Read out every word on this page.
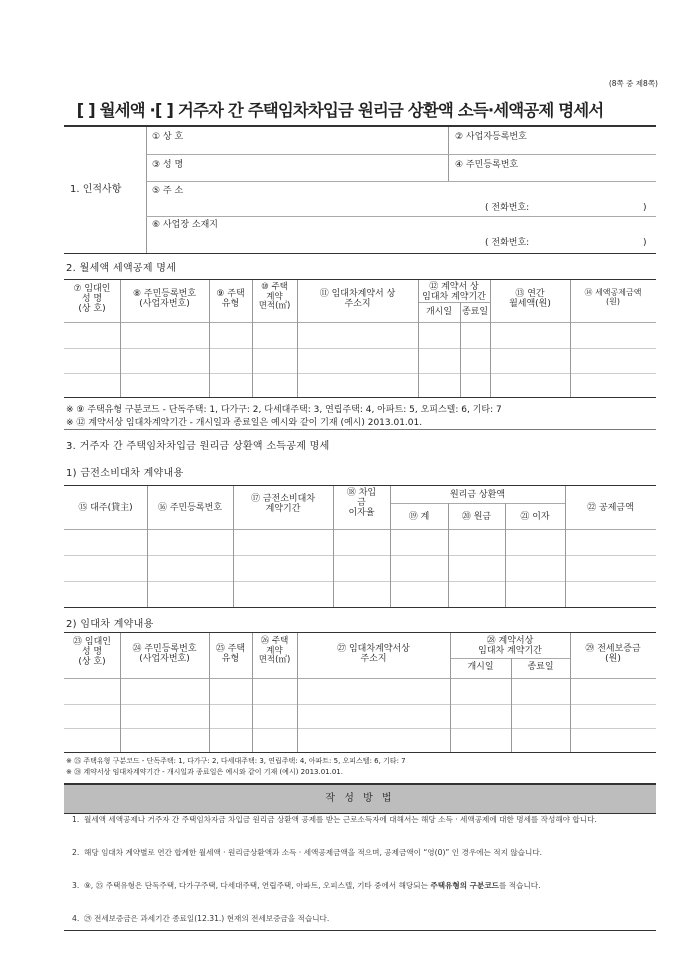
(8쪽 중 제8쪽)
[ ] 월세액 ·[ ] 거주자 간 주택임차차입금 원리금 상환액 소득·세액공제 명세서
1. 인적사항
① 상 호	② 사업자등록번호
③ 성 명	④ 주민등록번호
⑤ 주 소
( 전화번호:	)
⑥ 사업장 소재지
( 전화번호:	)
2. 월세액 세액공제 명세
⑦ 임대인
성 명
(상 호)
⑧ 주민등록번호
(사업자번호)
⑨ 주택
유형
⑩ 주택
계약
면적(㎡)
⑪ 임대차계약서 상
주소지
⑫ 계약서 상
임대차 계약기간
개시일	종료일
⑬ 연간
월세액(원)
⑭ 세액공제금액
(원)
※ ⑨ 주택유형 구분코드 - 단독주택: 1, 다가구: 2, 다세대주택: 3, 연립주택: 4, 아파트: 5, 오피스텔: 6, 기타: 7
※ ⑫ 계약서상 임대차계약기간 - 개시일과 종료일은 예시와 같이 기재 (예시) 2013.01.01.
3. 거주자 간 주택임차차입금 원리금 상환액 소득공제 명세
1) 금전소비대차 계약내용
⑮ 대주(貸主)	⑯ 주민등록번호
⑰ 금전소비대차
계약기간
⑱ 차입
금
이자율
원리금 상환액
⑲ 계	⑳ 원금	㉑ 이자
㉒ 공제금액
2) 임대차 계약내용
㉓ 임대인
성 명
(상 호)
㉔ 주민등록번호
(사업자번호)
㉕ 주택
유형
㉖ 주택
계약
면적(㎡)
㉗ 임대차계약서상
주소지
㉘ 계약서상
임대차 계약기간
개시일	종료일
㉙ 전세보증금
(원)
※ ㉕ 주택유형 구분코드 - 단독주택: 1, 다가구: 2, 다세대주택: 3, 연립주택: 4, 아파트: 5, 오피스텔: 6, 기타: 7
※ ㉘ 계약서상 임대차계약기간 - 개시일과 종료일은 예시와 같이 기재 (예시) 2013.01.01.
작 성 방 법
1. 월세액 세액공제나 거주자 간 주택임차자금 차입금 원리금 상환액 공제를 받는 근로소득자에 대해서는 해당 소득 · 세액공제에 대한 명세를 작성해야 합니다.
2. 해당 임대차 계약별로 연간 합계한 월세액 · 원리금상환액과 소득 · 세액공제금액을 적으며, 공제금액이 “영(0)” 인 경우에는 적지 않습니다.
3. ⑨, ㉕ 주택유형은 단독주택, 다가구주택, 다세대주택, 연립주택, 아파트, 오피스텔, 기타 중에서 해당되는 주택유형의 구분코드를 적습니다.
4. ㉙ 전세보증금은 과세기간 종료일(12.31.) 현재의 전세보증금을 적습니다.
